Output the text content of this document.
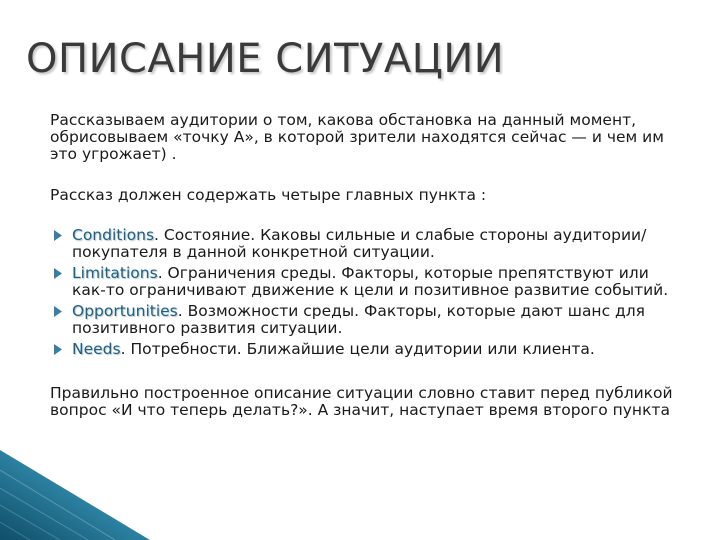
ОПИСАНИЕ СИТУАЦИИ

Рассказываем аудитории о том, какова обстановка на данный момент, обрисовываем «точку А», в которой зрители находятся сейчас — и чем им это угрожает) .

Рассказ должен содержать четыре главных пункта :

Conditions. Состояние. Каковы сильные и слабые стороны аудитории/покупателя в данной конкретной ситуации.
Limitations. Ограничения среды. Факторы, которые препятствуют или как-то ограничивают движение к цели и позитивное развитие событий.
Opportunities. Возможности среды. Факторы, которые дают шанс для позитивного развития ситуации.
Needs. Потребности. Ближайшие цели аудитории или клиента.

Правильно построенное описание ситуации словно ставит перед публикой вопрос «И что теперь делать?». А значит, наступает время второго пункта
